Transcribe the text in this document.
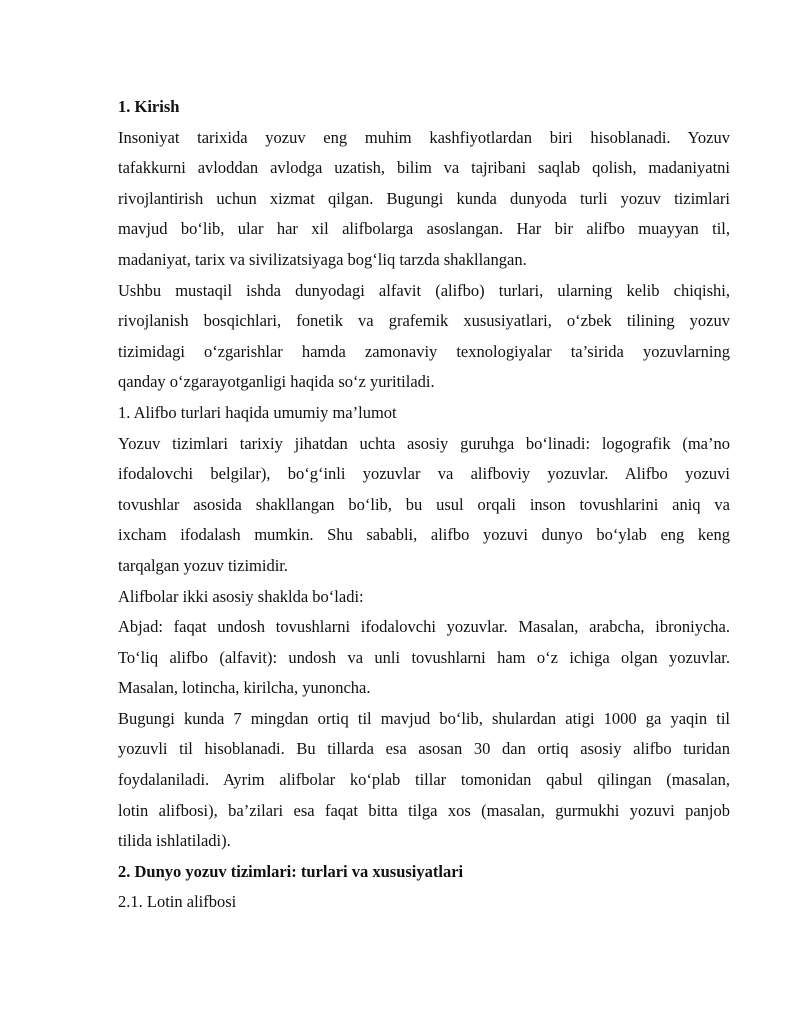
1. Kirish
Insoniyat tarixida yozuv eng muhim kashfiyotlardan biri hisoblanadi. Yozuv
tafakkurni avloddan avlodga uzatish, bilim va tajribani saqlab qolish, madaniyatni
rivojlantirish uchun xizmat qilgan. Bugungi kunda dunyoda turli yozuv tizimlari
mavjud bo‘lib, ular har xil alifbolarga asoslangan. Har bir alifbo muayyan til,
madaniyat, tarix va sivilizatsiyaga bog‘liq tarzda shakllangan.
Ushbu mustaqil ishda dunyodagi alfavit (alifbo) turlari, ularning kelib chiqishi,
rivojlanish bosqichlari, fonetik va grafemik xususiyatlari, o‘zbek tilining yozuv
tizimidagi o‘zgarishlar hamda zamonaviy texnologiyalar ta’sirida yozuvlarning
qanday o‘zgarayotganligi haqida so‘z yuritiladi.
1. Alifbo turlari haqida umumiy ma’lumot
Yozuv tizimlari tarixiy jihatdan uchta asosiy guruhga bo‘linadi: logografik (ma’no
ifodalovchi belgilar), bo‘g‘inli yozuvlar va alifboviy yozuvlar. Alifbo yozuvi
tovushlar asosida shakllangan bo‘lib, bu usul orqali inson tovushlarini aniq va
ixcham ifodalash mumkin. Shu sababli, alifbo yozuvi dunyo bo‘ylab eng keng
tarqalgan yozuv tizimidir.
Alifbolar ikki asosiy shaklda bo‘ladi:
Abjad: faqat undosh tovushlarni ifodalovchi yozuvlar. Masalan, arabcha, ibroniycha.
To‘liq alifbo (alfavit): undosh va unli tovushlarni ham o‘z ichiga olgan yozuvlar.
Masalan, lotincha, kirilcha, yunoncha.
Bugungi kunda 7 mingdan ortiq til mavjud bo‘lib, shulardan atigi 1000 ga yaqin til
yozuvli til hisoblanadi. Bu tillarda esa asosan 30 dan ortiq asosiy alifbo turidan
foydalaniladi. Ayrim alifbolar ko‘plab tillar tomonidan qabul qilingan (masalan,
lotin alifbosi), ba’zilari esa faqat bitta tilga xos (masalan, gurmukhi yozuvi panjob
tilida ishlatiladi).
2. Dunyo yozuv tizimlari: turlari va xususiyatlari
2.1. Lotin alifbosi
